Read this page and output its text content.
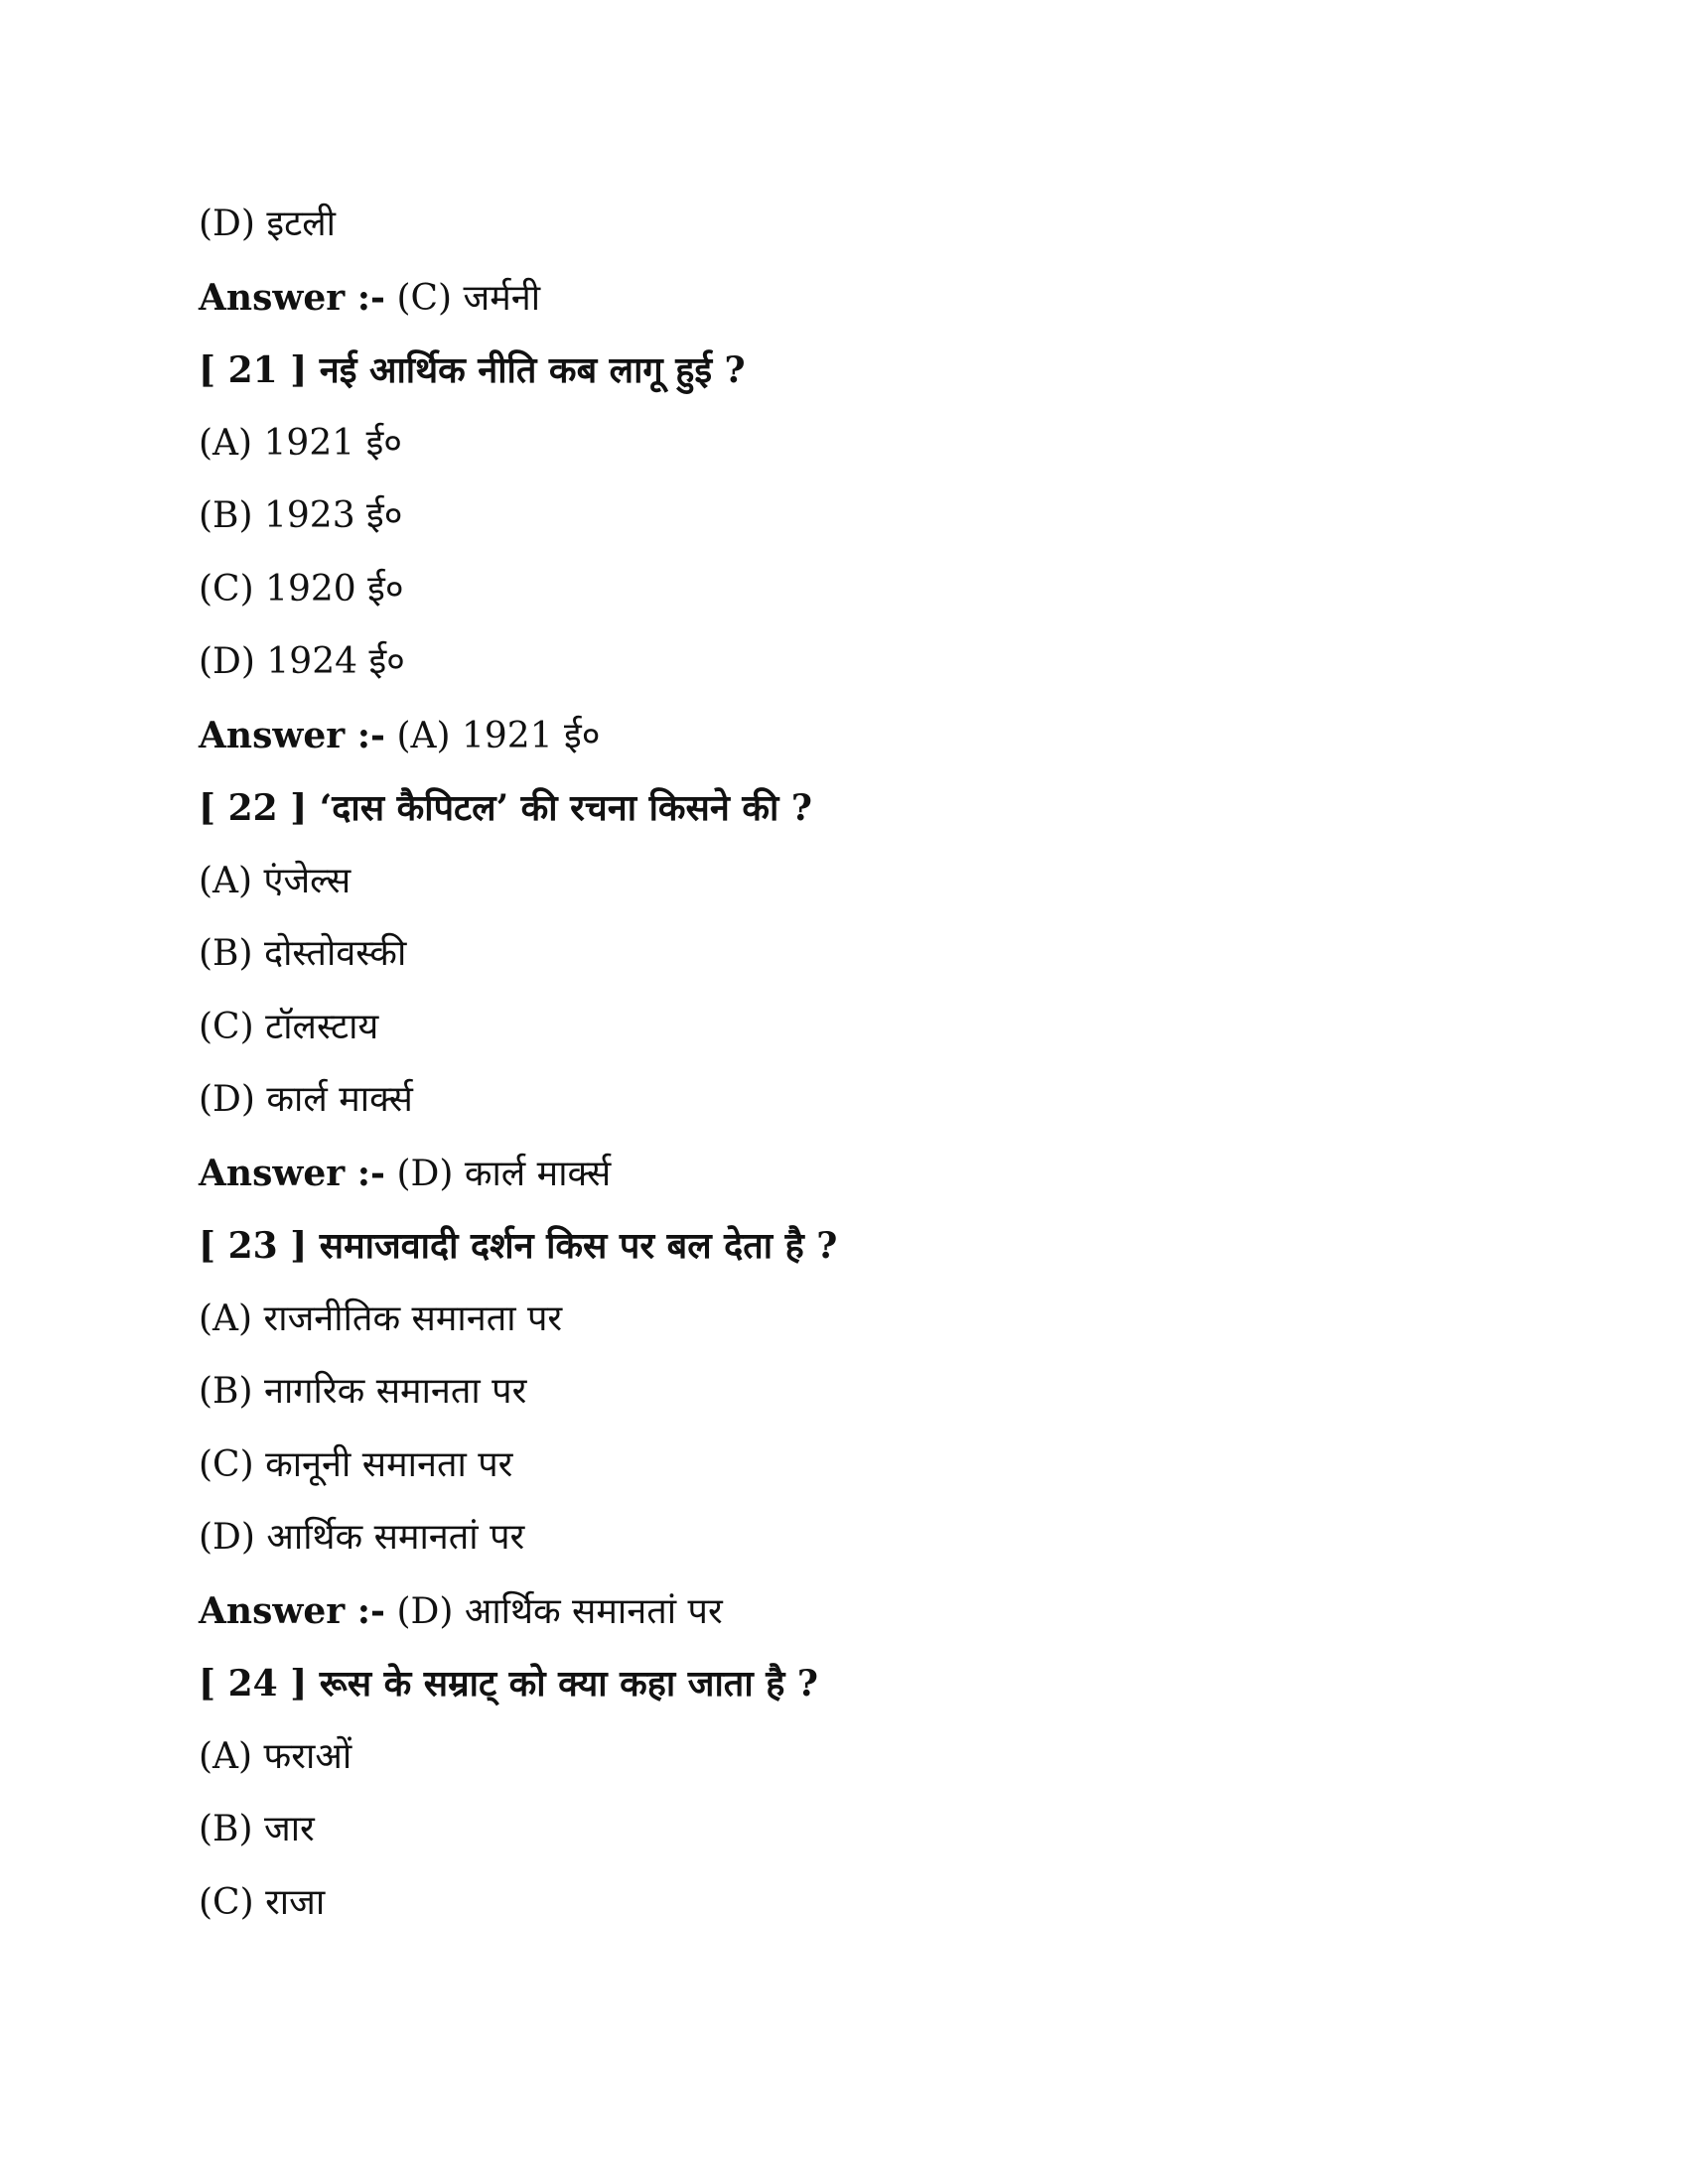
(D) इटली
Answer :- (C) जर्मनी
[ 21 ] नई आर्थिक नीति कब लागू हुई ?
(A) 1921 ई०
(B) 1923 ई०
(C) 1920 ई०
(D) 1924 ई०
Answer :- (A) 1921 ई०
[ 22 ] ‘दास कैपिटल’ की रचना किसने की ?
(A) एंजेल्स
(B) दोस्तोवस्की
(C) टॉलस्टाय
(D) कार्ल मार्क्स
Answer :- (D) कार्ल मार्क्स
[ 23 ] समाजवादी दर्शन किस पर बल देता है ?
(A) राजनीतिक समानता पर
(B) नागरिक समानता पर
(C) कानूनी समानता पर
(D) आर्थिक समानतां पर
Answer :- (D) आर्थिक समानतां पर
[ 24 ] रूस के सम्राट् को क्या कहा जाता है ?
(A) फराओं
(B) जार
(C) राजा
